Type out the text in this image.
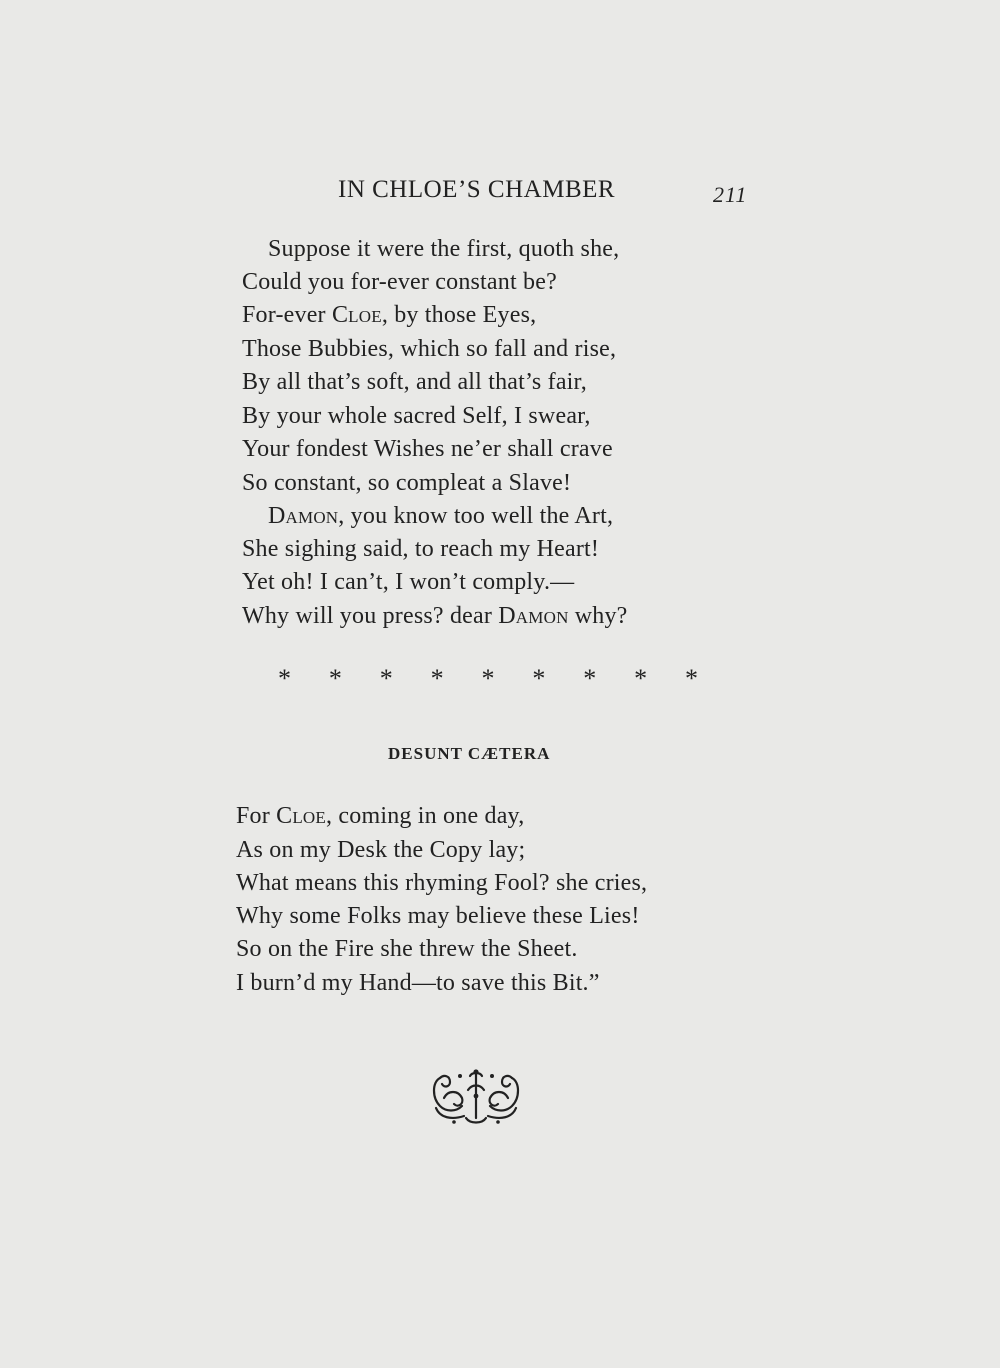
IN CHLOE’S CHAMBER	211
Suppose it were the first, quoth she,
Could you for-ever constant be?
For-ever Cloe, by those Eyes,
Those Bubbies, which so fall and rise,
By all that’s soft, and all that’s fair,
By your whole sacred Self, I swear,
Your fondest Wishes ne’er shall crave
So constant, so compleat a Slave!
Damon, you know too well the Art,
She sighing said, to reach my Heart!
Yet oh! I can’t, I won’t comply.—
Why will you press? dear Damon why?
* * * * * * * * *
DESUNT CÆTERA
For Cloe, coming in one day,
As on my Desk the Copy lay;
What means this rhyming Fool? she cries,
Why some Folks may believe these Lies!
So on the Fire she threw the Sheet.
I burn’d my Hand—to save this Bit.”
